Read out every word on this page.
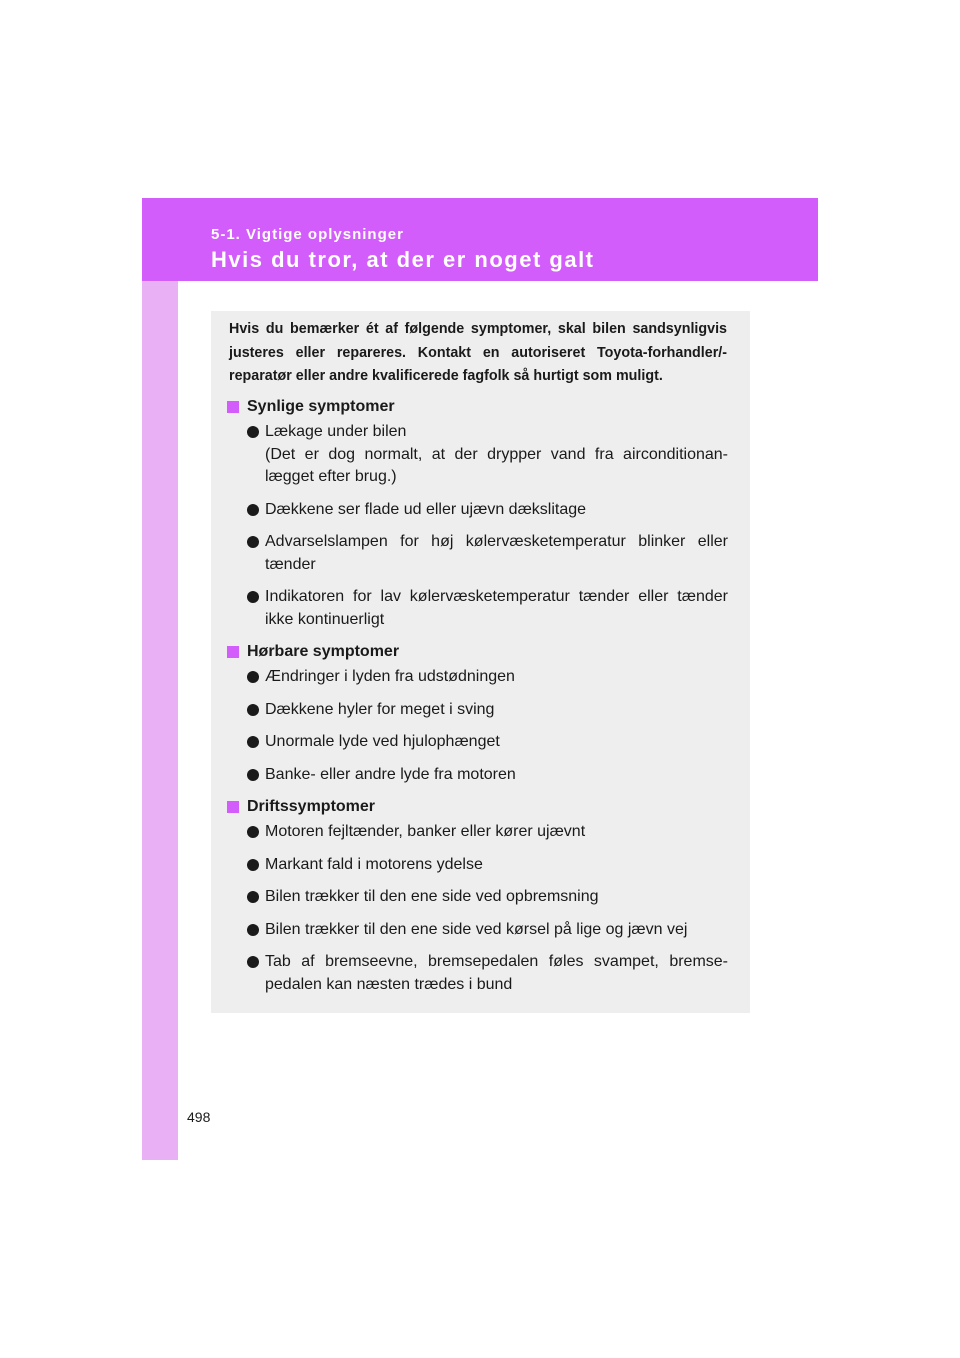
5-1. Vigtige oplysninger
Hvis du tror, at der er noget galt
Hvis du bemærker ét af følgende symptomer, skal bilen sandsynligvis justeres eller repareres. Kontakt en autoriseret Toyota-forhandler/-reparatør eller andre kvalificerede fagfolk så hurtigt som muligt.
Synlige symptomer
Lækage under bilen
(Det er dog normalt, at der drypper vand fra airconditionan-lægget efter brug.)
Dækkene ser flade ud eller ujævn dækslitage
Advarselslampen for høj kølervæsketemperatur blinker eller tænder
Indikatoren for lav kølervæsketemperatur tænder eller tænder ikke kontinuerligt
Hørbare symptomer
Ændringer i lyden fra udstødningen
Dækkene hyler for meget i sving
Unormale lyde ved hjulophænget
Banke- eller andre lyde fra motoren
Driftssymptomer
Motoren fejltænder, banker eller kører ujævnt
Markant fald i motorens ydelse
Bilen trækker til den ene side ved opbremsning
Bilen trækker til den ene side ved kørsel på lige og jævn vej
Tab af bremseevne, bremsepedalen føles svampet, bremse-pedalen kan næsten trædes i bund
498
